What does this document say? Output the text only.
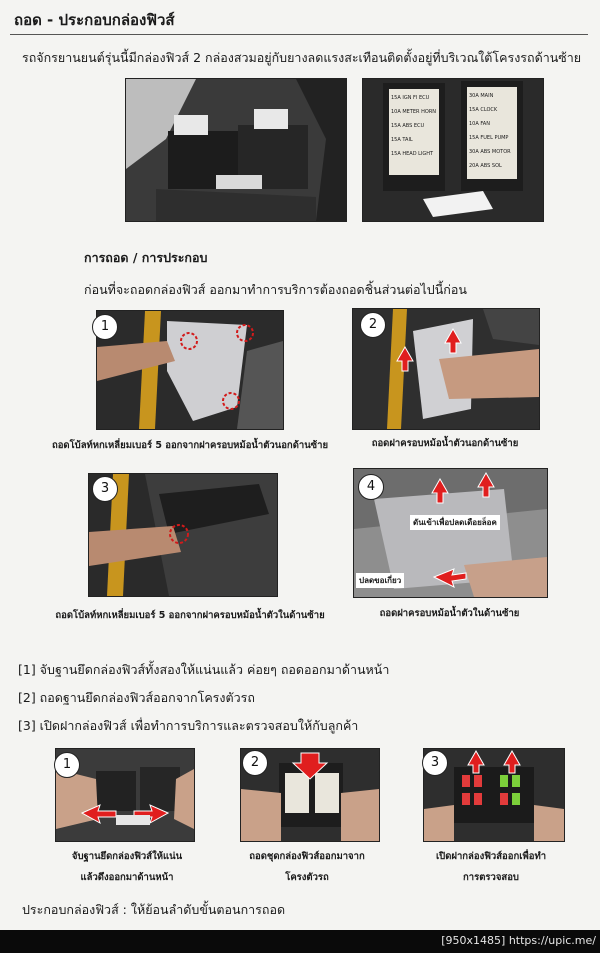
ถอด - ประกอบกล่องฟิวส์
รถจักรยานยนต์รุ่นนี้มีกล่องฟิวส์ 2 กล่องสวมอยู่กับยางลดแรงสะเทือนติดตั้งอยู่ที่บริเวณใต้โครงรถด้านซ้าย
15A IGN FI ECU
10A METER HORN
15A ABS ECU
15A TAIL
15A HEAD LIGHT
30A MAIN
15A CLOCK
10A FAN
15A FUEL PUMP
30A ABS MOTOR
20A ABS SOL
การถอด / การประกอบ
ก่อนที่จะถอดกล่องฟิวส์ ออกมาทำการบริการต้องถอดชิ้นส่วนต่อไปนี้ก่อน
1
ถอดโบ้ลท์หกเหลี่ยมเบอร์ 5 ออกจากฝาครอบหม้อน้ำตัวนอกด้านซ้าย
2
ถอดฝาครอบหม้อน้ำตัวนอกด้านซ้าย
3
ถอดโบ้ลท์หกเหลี่ยมเบอร์ 5 ออกจากฝาครอบหม้อน้ำตัวในด้านซ้าย
ดันเข้าเพื่อปลดเดือยล็อค
ปลดขอเกี่ยว
4
ถอดฝาครอบหม้อน้ำตัวในด้านซ้าย
[1] จับฐานยึดกล่องฟิวส์ทั้งสองให้แน่นแล้ว ค่อยๆ ถอดออกมาด้านหน้า
[2] ถอดฐานยึดกล่องฟิวส์ออกจากโครงตัวรถ
[3] เปิดฝากล่องฟิวส์ เพื่อทำการบริการและตรวจสอบให้กับลูกค้า
1
จับฐานยึดกล่องฟิวส์ให้แน่น
แล้วดึงออกมาด้านหน้า
2
ถอดชุดกล่องฟิวส์ออกมาจาก
โครงตัวรถ
3
เปิดฝากล่องฟิวส์ออกเพื่อทำ
การตรวจสอบ
ประกอบกล่องฟิวส์ : ให้ย้อนลำดับขั้นตอนการถอด
[950x1485] https://upic.me/
